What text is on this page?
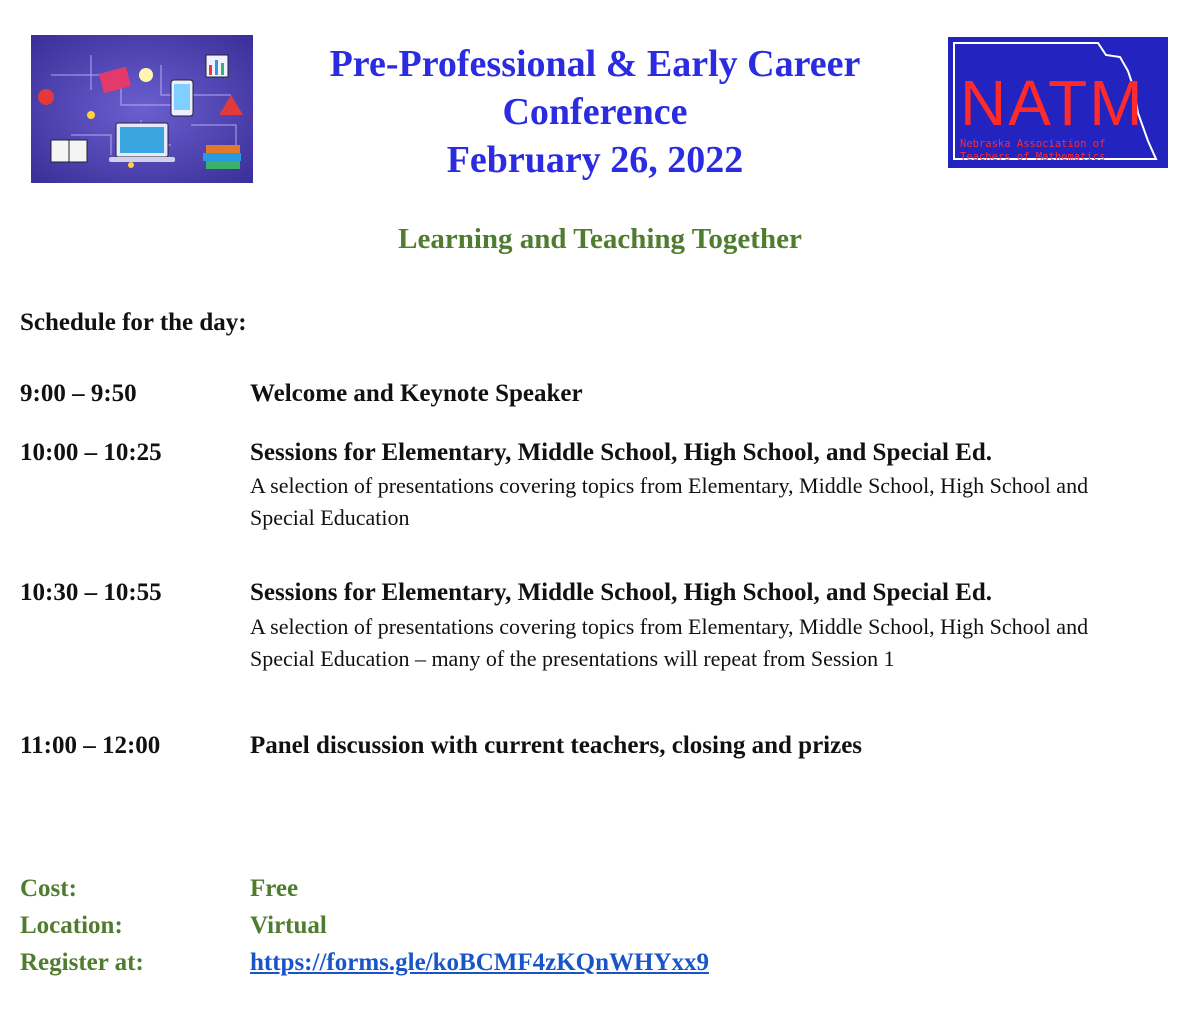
Pre-Professional & Early Career
Conference
February 26, 2022
NATM
Nebraska Association of
Teachers of Mathematics
Learning and Teaching Together
Schedule for the day:
9:00 – 9:50	Welcome and Keynote Speaker
10:00 – 10:25	Sessions for Elementary, Middle School, High School, and Special Ed.
A selection of presentations covering topics from Elementary, Middle School, High School and Special Education
10:30 – 10:55	Sessions for Elementary, Middle School, High School, and Special Ed.
A selection of presentations covering topics from Elementary, Middle School, High School and Special Education – many of the presentations will repeat from Session 1
11:00 – 12:00	Panel discussion with current teachers, closing and prizes
Cost:	Free
Location:	Virtual
Register at:	https://forms.gle/koBCMF4zKQnWHYxx9
